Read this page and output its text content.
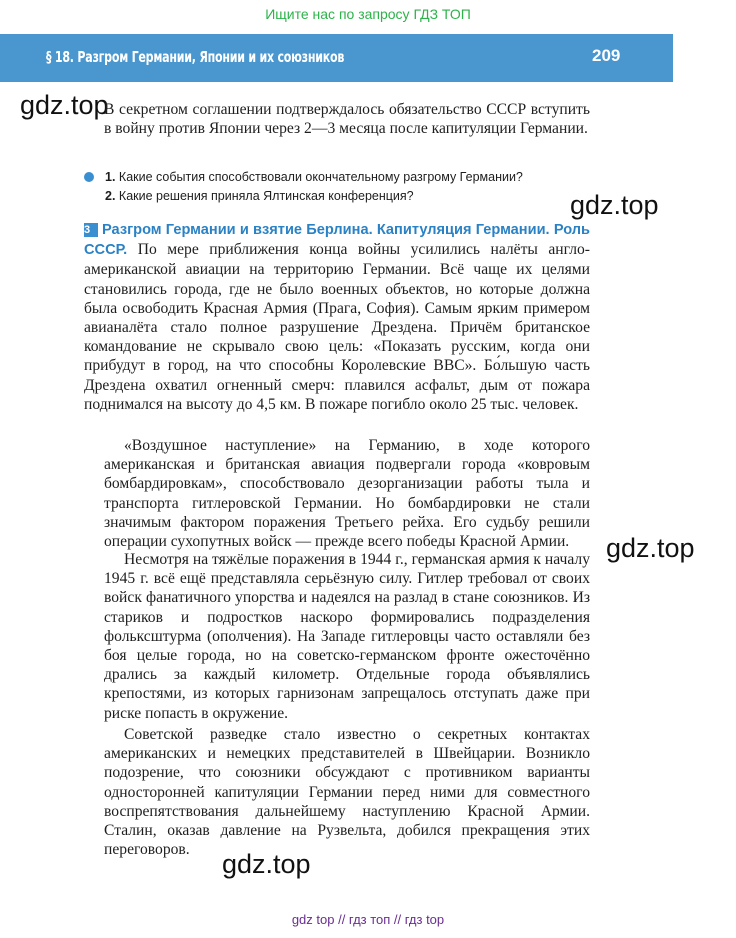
Ищите нас по запросу ГДЗ ТОП
§ 18. Разгром Германии, Японии и их союзников	209
gdz.top
gdz.top
gdz.top
gdz.top
В секретном соглашении подтверждалось обязательство СССР вступить в войну против Японии через 2—3 месяца после капитуляции Германии.
1. Какие события способствовали окончательному разгрому Германии?
2. Какие решения приняла Ялтинская конференция?
3 Разгром Германии и взятие Берлина. Капитуляция Германии. Роль СССР. По мере приближения конца войны усилились налёты англо-американской авиации на территорию Германии. Всё чаще их целями становились города, где не было военных объектов, но которые должна была освободить Красная Армия (Прага, София). Самым ярким примером авианалёта стало полное разрушение Дрездена. Причём британское командование не скрывало свою цель: «Показать русским, когда они прибудут в город, на что способны Королевские ВВС». Бо́льшую часть Дрездена охватил огненный смерч: плавился асфальт, дым от пожара поднимался на высоту до 4,5 км. В пожаре погибло около 25 тыс. человек.
«Воздушное наступление» на Германию, в ходе которого американская и британская авиация подвергали города «ковровым бомбардировкам», способствовало дезорганизации работы тыла и транспорта гитлеровской Германии. Но бомбардировки не стали значимым фактором поражения Третьего рейха. Его судьбу решили операции сухопутных войск — прежде всего победы Красной Армии.
Несмотря на тяжёлые поражения в 1944 г., германская армия к началу 1945 г. всё ещё представляла серьёзную силу. Гитлер требовал от своих войск фанатичного упорства и надеялся на разлад в стане союзников. Из стариков и подростков наскоро формировались подразделения фольксштурма (ополчения). На Западе гитлеровцы часто оставляли без боя целые города, но на советско-германском фронте ожесточённо дрались за каждый километр. Отдельные города объявлялись крепостями, из которых гарнизонам запрещалось отступать даже при риске попасть в окружение.
Советской разведке стало известно о секретных контактах американских и немецких представителей в Швейцарии. Возникло подозрение, что союзники обсуждают с противником варианты односторонней капитуляции Германии перед ними для совместного воспрепятствования дальнейшему наступлению Красной Армии. Сталин, оказав давление на Рузвельта, добился прекращения этих переговоров.
gdz top // гдз топ // гдз top
